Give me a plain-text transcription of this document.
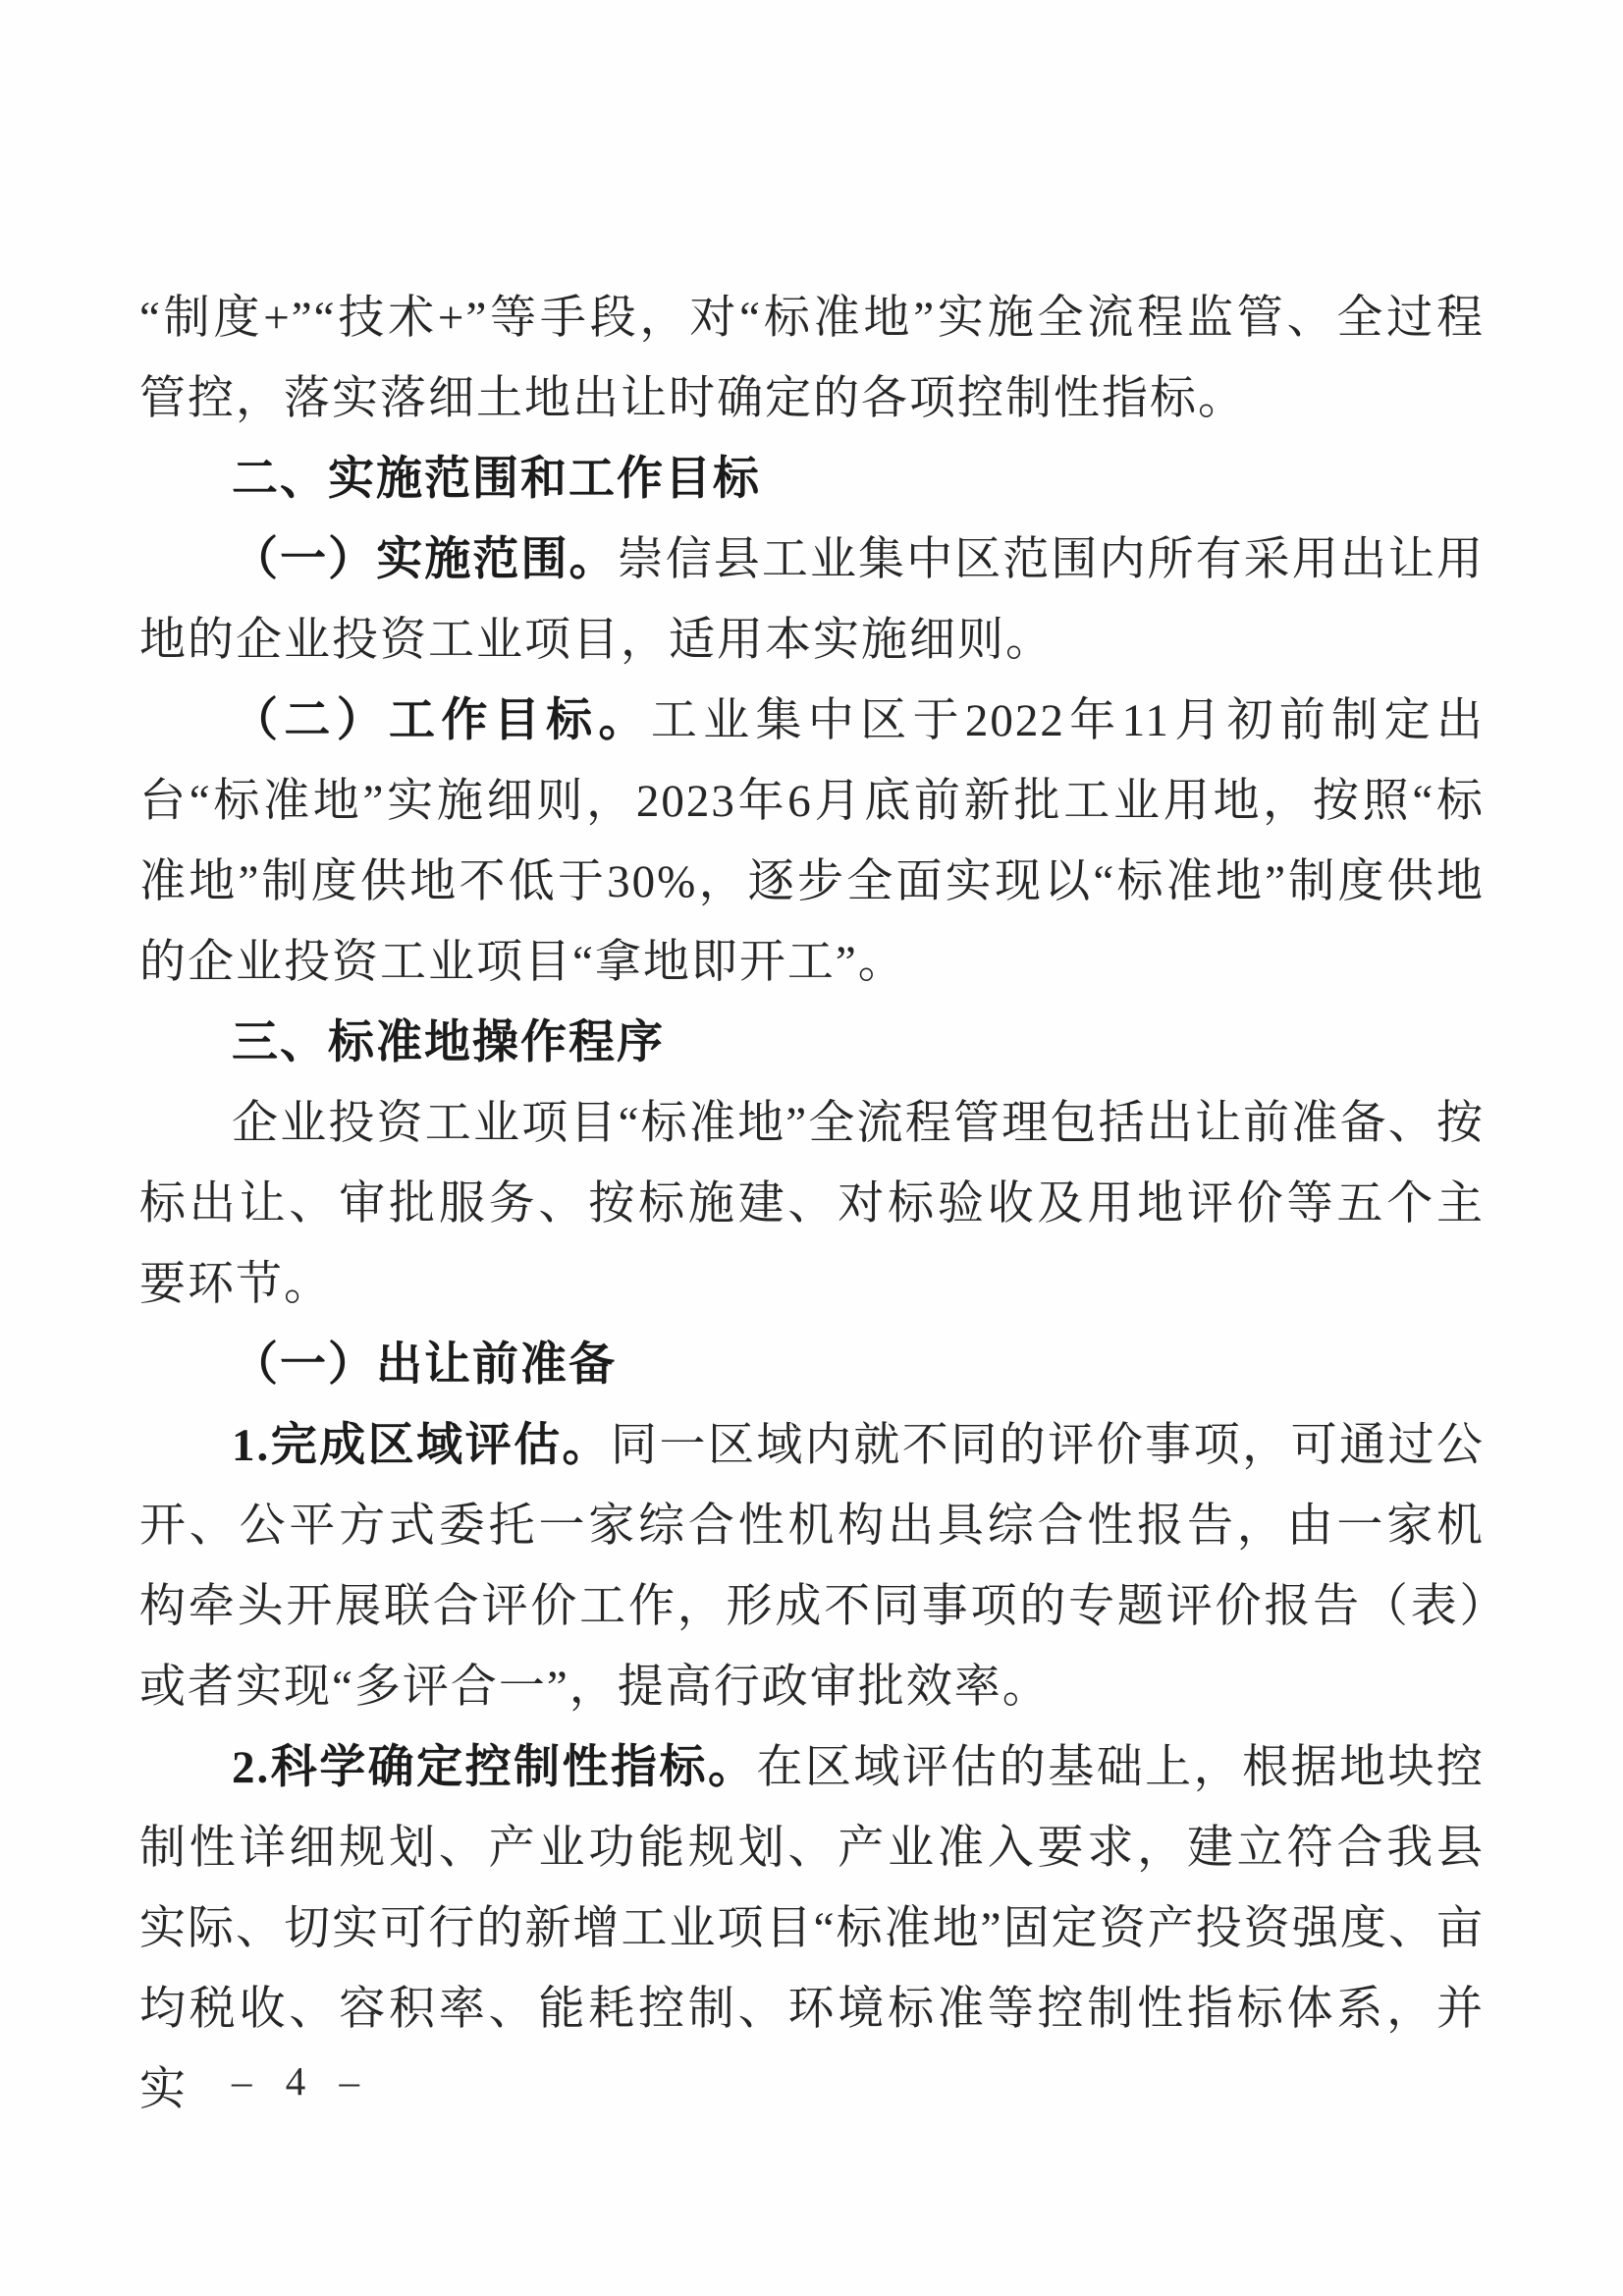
“制度+”“技术+”等手段，对“标准地”实施全流程监管、全过程管控，落实落细土地出让时确定的各项控制性指标。

二、实施范围和工作目标

（一）实施范围。崇信县工业集中区范围内所有采用出让用地的企业投资工业项目，适用本实施细则。

（二）工作目标。工业集中区于2022年11月初前制定出台“标准地”实施细则，2023年6月底前新批工业用地，按照“标准地”制度供地不低于30%，逐步全面实现以“标准地”制度供地的企业投资工业项目“拿地即开工”。

三、标准地操作程序

企业投资工业项目“标准地”全流程管理包括出让前准备、按标出让、审批服务、按标施建、对标验收及用地评价等五个主要环节。

（一）出让前准备

1.完成区域评估。同一区域内就不同的评价事项，可通过公开、公平方式委托一家综合性机构出具综合性报告，由一家机构牵头开展联合评价工作，形成不同事项的专题评价报告（表）或者实现“多评合一”，提高行政审批效率。

2.科学确定控制性指标。在区域评估的基础上，根据地块控制性详细规划、产业功能规划、产业准入要求，建立符合我县实际、切实可行的新增工业项目“标准地”固定资产投资强度、亩均税收、容积率、能耗控制、环境标准等控制性指标体系，并实	– 4 –
